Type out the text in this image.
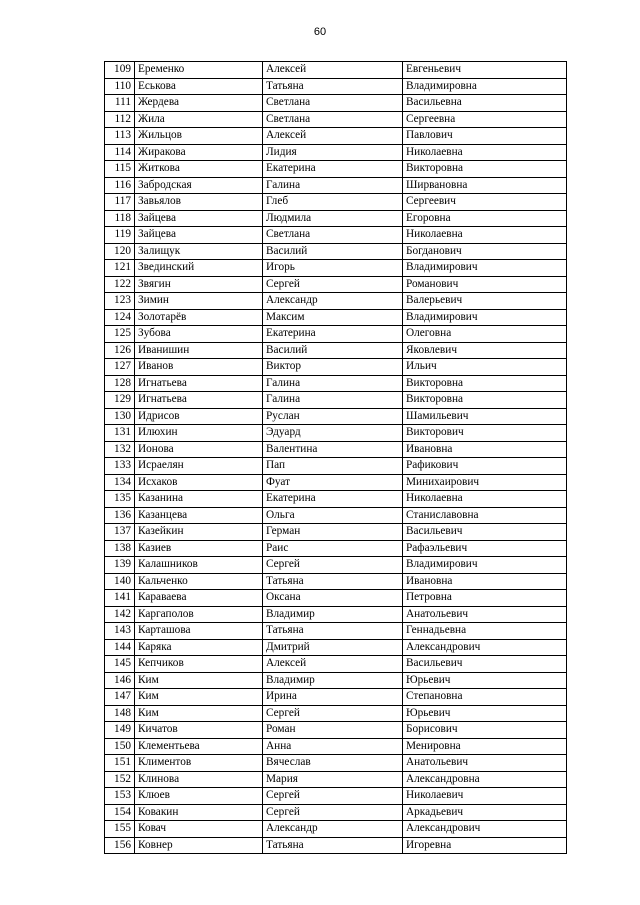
60
109	Еременко	Алексей	Евгеньевич
110	Еськова	Татьяна	Владимировна
111	Жердева	Светлана	Васильевна
112	Жила	Светлана	Сергеевна
113	Жильцов	Алексей	Павлович
114	Жиракова	Лидия	Николаевна
115	Житкова	Екатерина	Викторовна
116	Забродская	Галина	Ширвановна
117	Завьялов	Глеб	Сергеевич
118	Зайцева	Людмила	Егоровна
119	Зайцева	Светлана	Николаевна
120	Залищук	Василий	Богданович
121	Звединский	Игорь	Владимирович
122	Звягин	Сергей	Романович
123	Зимин	Александр	Валерьевич
124	Золотарёв	Максим	Владимирович
125	Зубова	Екатерина	Олеговна
126	Иванишин	Василий	Яковлевич
127	Иванов	Виктор	Ильич
128	Игнатьева	Галина	Викторовна
129	Игнатьева	Галина	Викторовна
130	Идрисов	Руслан	Шамильевич
131	Илюхин	Эдуард	Викторович
132	Ионова	Валентина	Ивановна
133	Исраелян	Пап	Рафикович
134	Исхаков	Фуат	Минихаирович
135	Казанина	Екатерина	Николаевна
136	Казанцева	Ольга	Станиславовна
137	Казейкин	Герман	Васильевич
138	Казиев	Раис	Рафаэльевич
139	Калашников	Сергей	Владимирович
140	Кальченко	Татьяна	Ивановна
141	Караваева	Оксана	Петровна
142	Каргаполов	Владимир	Анатольевич
143	Карташова	Татьяна	Геннадьевна
144	Каряка	Дмитрий	Александрович
145	Кепчиков	Алексей	Васильевич
146	Ким	Владимир	Юрьевич
147	Ким	Ирина	Степановна
148	Ким	Сергей	Юрьевич
149	Кичатов	Роман	Борисович
150	Клементьева	Анна	Менировна
151	Климентов	Вячеслав	Анатольевич
152	Клинова	Мария	Александровна
153	Клюев	Сергей	Николаевич
154	Ковакин	Сергей	Аркадьевич
155	Ковач	Александр	Александрович
156	Ковнер	Татьяна	Игоревна
